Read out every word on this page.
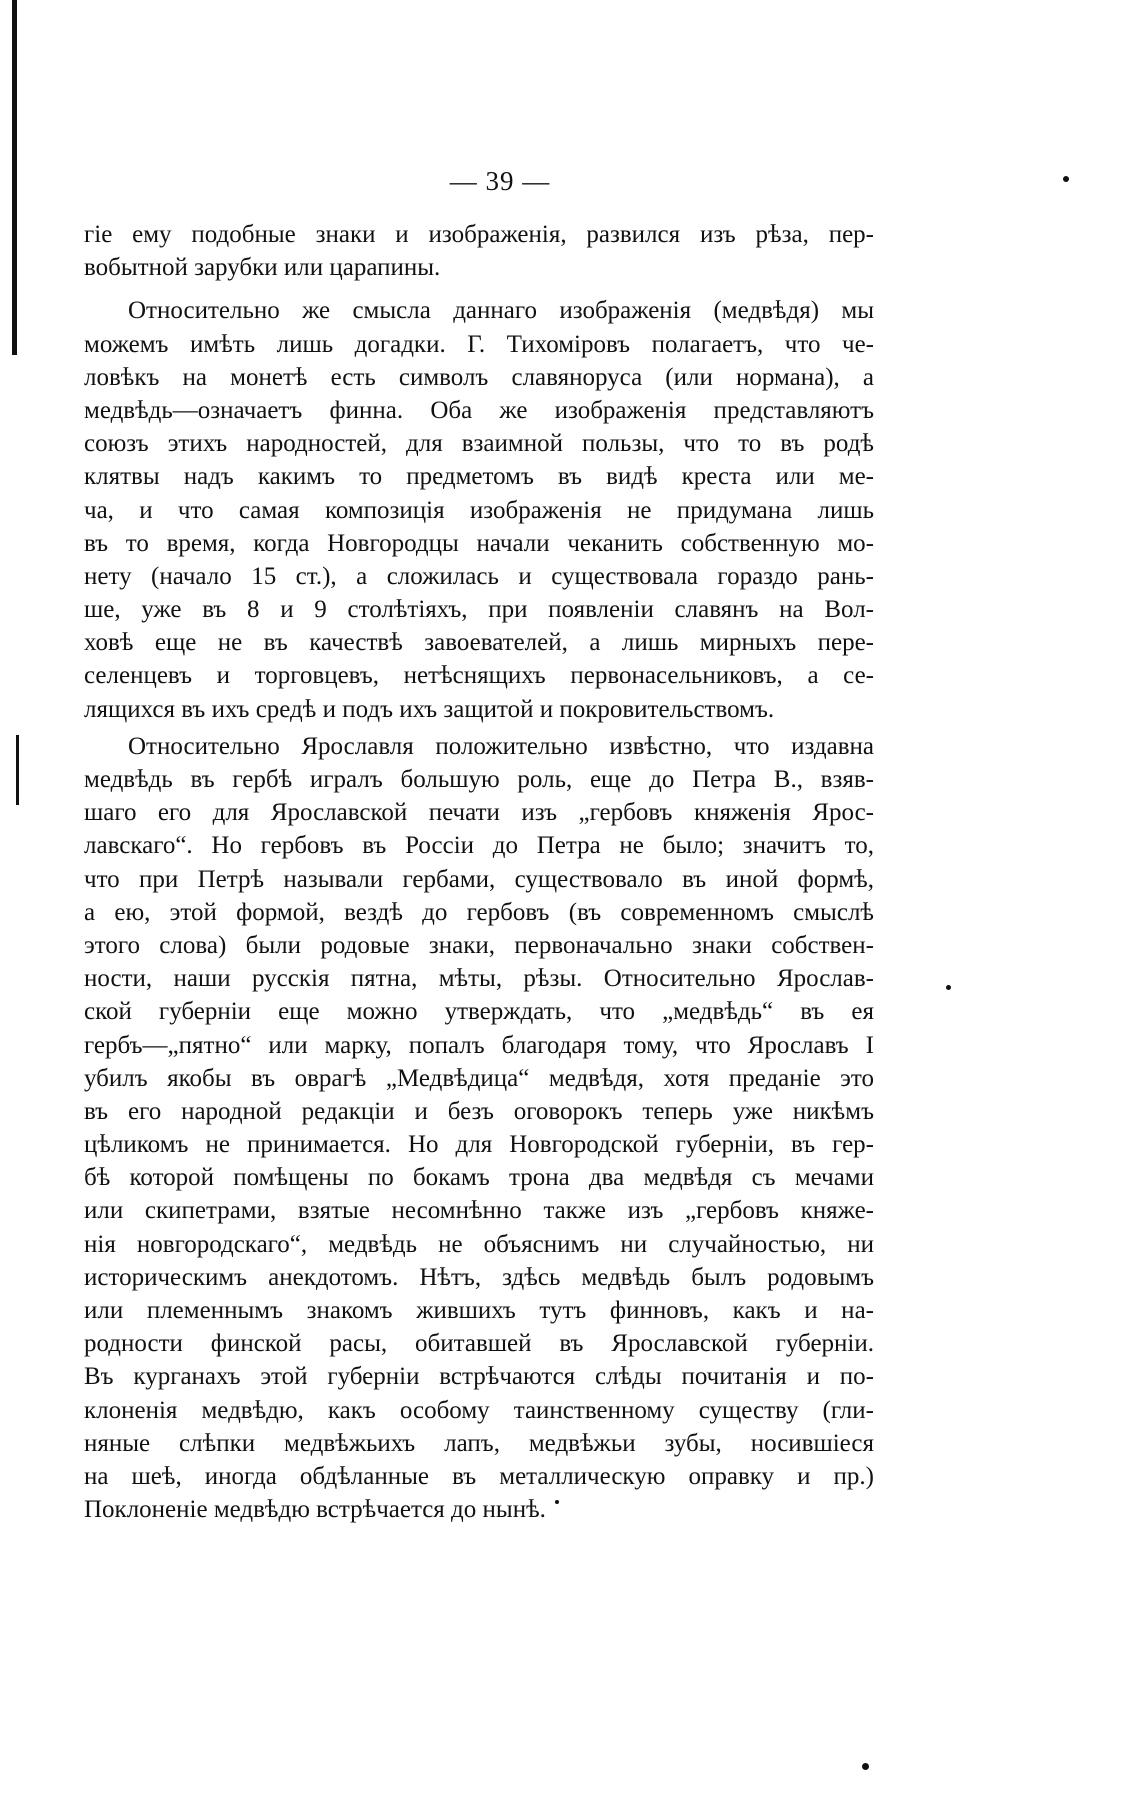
— 39 —
гіе ему подобные знаки и изображенія, развился изъ рѣза, пер-
вобытной зарубки или царапины.
Относительно же смысла даннаго изображенія (медвѣдя) мы
можемъ имѣть лишь догадки. Г. Тихоміровъ полагаетъ, что че-
ловѣкъ на монетѣ есть символъ славяноруса (или нормана), а
медвѣдь—означаетъ финна. Оба же изображенія представляютъ
союзъ этихъ народностей, для взаимной пользы, что то въ родѣ
клятвы надъ какимъ то предметомъ въ видѣ креста или ме-
ча, и что самая композиція изображенія не придумана лишь
въ то время, когда Новгородцы начали чеканить собственную мо-
нету (начало 15 ст.), а сложилась и существовала гораздо рань-
ше, уже въ 8 и 9 столѣтіяхъ, при появленіи славянъ на Вол-
ховѣ еще не въ качествѣ завоевателей, а лишь мирныхъ пере-
селенцевъ и торговцевъ, нетѣснящихъ первонасельниковъ, а се-
лящихся въ ихъ средѣ и подъ ихъ защитой и покровительствомъ.
Относительно Ярославля положительно извѣстно, что издавна
медвѣдь въ гербѣ игралъ большую роль, еще до Петра В., взяв-
шаго его для Ярославской печати изъ „гербовъ княженія Ярос-
лавскаго“. Но гербовъ въ Россіи до Петра не было; значитъ то,
что при Петрѣ называли гербами, существовало въ иной формѣ,
а ею, этой формой, вездѣ до гербовъ (въ современномъ смыслѣ
этого слова) были родовые знаки, первоначально знаки собствен-
ности, наши русскія пятна, мѣты, рѣзы. Относительно Ярослав-
ской губерніи еще можно утверждать, что „медвѣдь“ въ ея
гербъ—„пятно“ или марку, попалъ благодаря тому, что Ярославъ I
убилъ якобы въ оврагѣ „Медвѣдица“ медвѣдя, хотя преданіе это
въ его народной редакціи и безъ оговорокъ теперь уже никѣмъ
цѣликомъ не принимается. Но для Новгородской губерніи, въ гер-
бѣ которой помѣщены по бокамъ трона два медвѣдя съ мечами
или скипетрами, взятые несомнѣнно также изъ „гербовъ княже-
нія новгородскаго“, медвѣдь не объяснимъ ни случайностью, ни
историческимъ анекдотомъ. Нѣтъ, здѣсь медвѣдь былъ родовымъ
или племеннымъ знакомъ жившихъ тутъ финновъ, какъ и на-
родности финской расы, обитавшей въ Ярославской губерніи.
Въ курганахъ этой губерніи встрѣчаются слѣды почитанія и по-
клоненія медвѣдю, какъ особому таинственному существу (гли-
няные слѣпки медвѣжьихъ лапъ, медвѣжьи зубы, носившіеся
на шеѣ, иногда обдѣланные въ металлическую оправку и пр.)
Поклоненіе медвѣдю встрѣчается до нынѣ.
